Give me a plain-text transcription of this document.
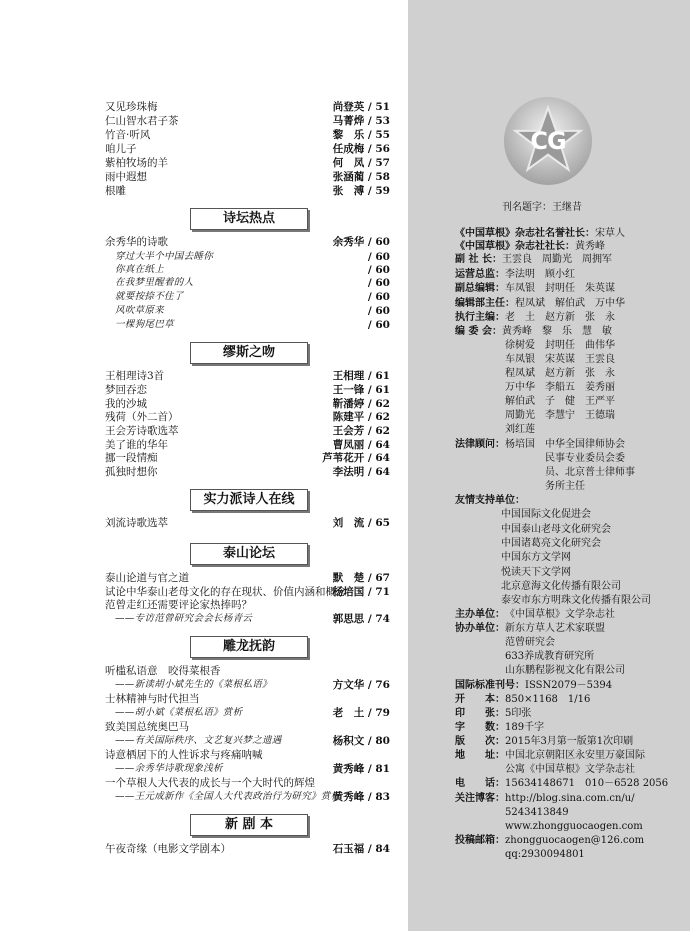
又见珍珠梅	尚登英 / 51
仁山智水君子茶	马菁烨 / 53
竹音·听风	黎　乐 / 55
咱儿子	任成梅 / 56
紫柏牧场的羊	何　凤 / 57
雨中遐想	张涵蔺 / 58
根雕	张　溥 / 59
诗坛热点
余秀华的诗歌	余秀华 / 60
穿过大半个中国去睡你	/ 60
你真在纸上	/ 60
在我梦里醒着的人	/ 60
就要按捺不住了	/ 60
风吹草原来	/ 60
一棵狗尾巴草	/ 60
缪斯之吻
王相理诗3首	王相理 / 61
梦回吞恋	王一锋 / 61
我的沙城	靳潘婷 / 62
残荷（外二首）	陈建平 / 62
王会芳诗歌选萃	王会芳 / 62
美了谁的华年	曹凤丽 / 64
挪一段情痴	芦苇花开 / 64
孤独时想你	李法明 / 64
实力派诗人在线
刘流诗歌选萃	刘　流 / 65
泰山论坛
泰山论道与官之道	默　楚 / 67
试论中华泰山老母文化的存在现状、价值内涵和概念
杨培国 / 71
范曾走红还需要评论家热捧吗？
——专访范曾研究会会长杨青云	郭思思 / 74
雕龙抚韵
听槛私语意　咬得菜根香
——新读胡小斌先生的《菜根私语》	方文华 / 76
士林精神与时代担当
——胡小斌《菜根私语》赏析	老　土 / 79
致美国总统奥巴马
——有关国际秩序、文艺复兴梦之遗遇	杨积文 / 80
诗意栖居下的人性诉求与疼痛呐喊
——余秀华诗歌现象浅析	黄秀峰 / 81
一个草根人大代表的成长与一个大时代的辉煌
——王元成新作《全国人大代表政治行为研究》赏析
黄秀峰 / 83
新 剧 本
午夜奇缘（电影文学剧本）	石玉福 / 84
CG
刊名题字：王继昔
《中国草根》杂志社名誉社长：宋草人
《中国草根》杂志社社长：黄秀峰
副 社 长：王雲良　周勤光　周拥军
运营总监：李法明　顾小红
副总编辑：车凤银　封明任　朱英谋
编辑部主任：程凤斌　解伯武　万中华
执行主编：老　土　赵方新　张　永
编 委 会：黄秀峰　黎　乐　慧　敏
徐树爱　封明任　曲伟华
车凤银　宋英谋　王雲良
程凤斌　赵方新　张　永
万中华　李船五　姜秀丽
解伯武　子　健　王严平
周勤光　李慧宁　王德瑞
刘红莲
法律顾问：杨培国　中华全国律师协会
民事专业委员会委
员、北京普士律师事
务所主任
友情支持单位：
中国国际文化促进会
中国泰山老母文化研究会
中国诸葛亮文化研究会
中国东方文学网
悦读天下文学网
北京意海文化传播有限公司
泰安市东方明珠文化传播有限公司
主办单位：《中国草根》文学杂志社
协办单位：新东方草人艺术家联盟
范曾研究会
633养成教育研究所
山东鹏程影视文化有限公司
国际标准刊号：ISSN2079－5394
开　　本：850×1168　1/16
印　　张：5印张
字　　数：189千字
版　　次：2015年3月第一版第1次印刷
地　　址：中国北京朝阳区永安里万豪国际
公寓《中国草根》文学杂志社
电　　话：15634148671　010－6528 2056
关注博客：http://blog.sina.com.cn/u/
5243413849
www.zhongguocaogen.com
投稿邮箱：zhongguocaogen@126.com
qq:2930094801
